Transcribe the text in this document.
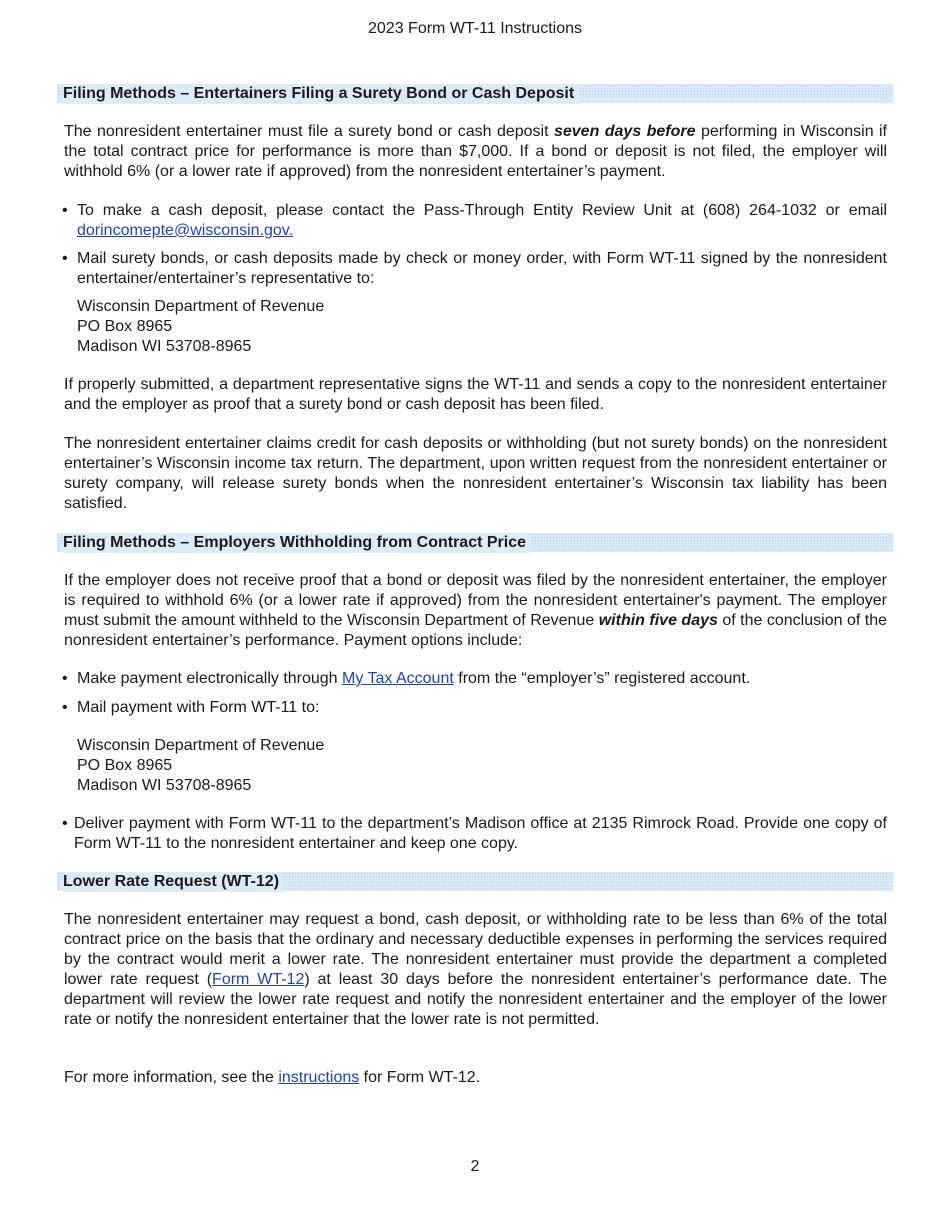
2023 Form WT-11 Instructions
Filing Methods – Entertainers Filing a Surety Bond or Cash Deposit

The nonresident entertainer must file a surety bond or cash deposit seven days before performing in Wisconsin if the total contract price for performance is more than $7,000. If a bond or deposit is not filed, the employer will withhold 6% (or a lower rate if approved) from the nonresident entertainer’s payment.

• To make a cash deposit, please contact the Pass-Through Entity Review Unit at (608) 264-1032 or email dorincomepte@wisconsin.gov.
• Mail surety bonds, or cash deposits made by check or money order, with Form WT-11 signed by the nonresident entertainer/entertainer’s representative to:
Wisconsin Department of Revenue
PO Box 8965
Madison WI 53708-8965

If properly submitted, a department representative signs the WT-11 and sends a copy to the nonresident entertainer and the employer as proof that a surety bond or cash deposit has been filed.

The nonresident entertainer claims credit for cash deposits or withholding (but not surety bonds) on the nonresident entertainer’s Wisconsin income tax return. The department, upon written request from the nonresident entertainer or surety company, will release surety bonds when the nonresident entertainer’s Wisconsin tax liability has been satisfied.

Filing Methods – Employers Withholding from Contract Price

If the employer does not receive proof that a bond or deposit was filed by the nonresident entertainer, the employer is required to withhold 6% (or a lower rate if approved) from the nonresident entertainer's payment. The employer must submit the amount withheld to the Wisconsin Department of Revenue within five days of the conclusion of the nonresident entertainer’s performance. Payment options include:

• Make payment electronically through My Tax Account from the “employer’s” registered account.
• Mail payment with Form WT-11 to:
Wisconsin Department of Revenue
PO Box 8965
Madison WI 53708-8965
• Deliver payment with Form WT-11 to the department’s Madison office at 2135 Rimrock Road. Provide one copy of Form WT-11 to the nonresident entertainer and keep one copy.
Lower Rate Request (WT-12)

The nonresident entertainer may request a bond, cash deposit, or withholding rate to be less than 6% of the total contract price on the basis that the ordinary and necessary deductible expenses in performing the services required by the contract would merit a lower rate. The nonresident entertainer must provide the department a completed lower rate request (Form WT-12) at least 30 days before the nonresident entertainer’s performance date. The department will review the lower rate request and notify the nonresident entertainer and the employer of the lower rate or notify the nonresident entertainer that the lower rate is not permitted.

For more information, see the instructions for Form WT-12.

2
